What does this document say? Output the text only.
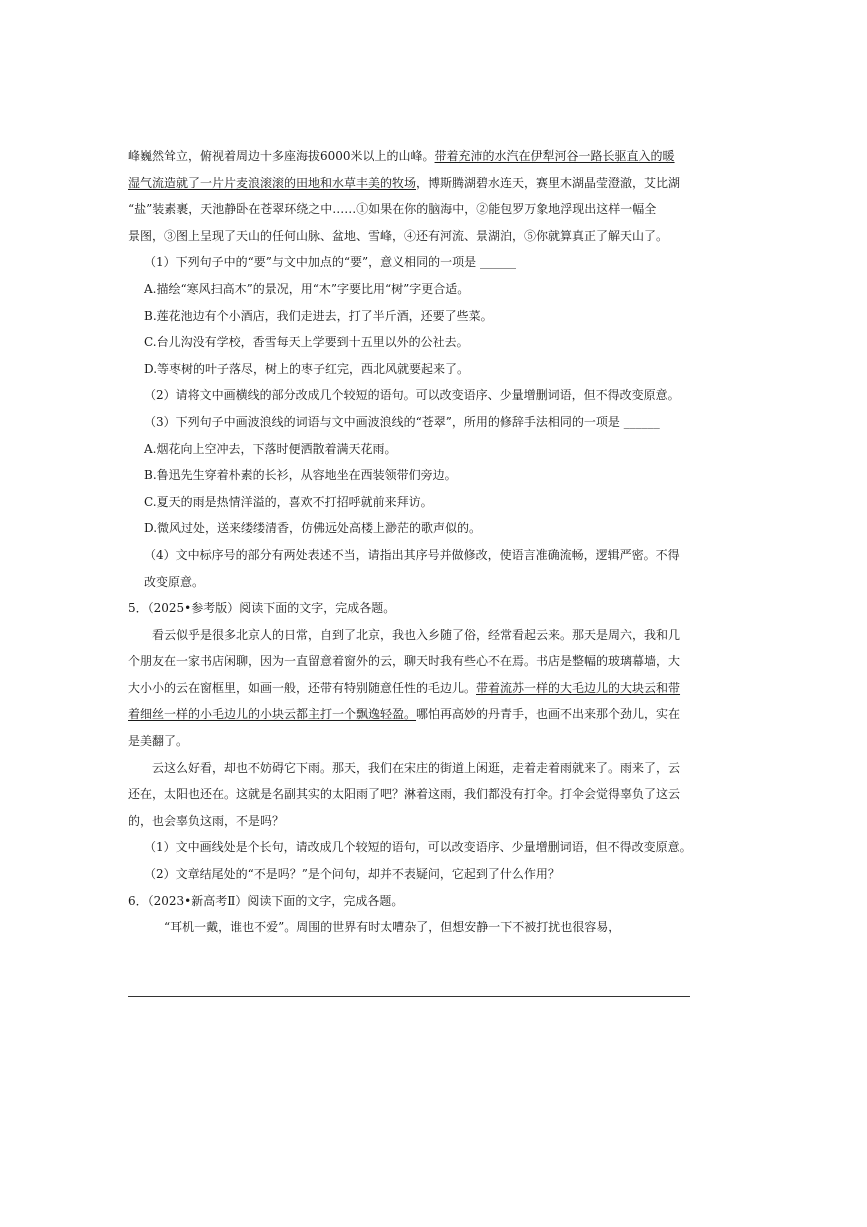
峰巍然耸立，俯视着周边十多座海拔6000米以上的山峰。带着充沛的水汽在伊犁河谷一路长驱直入的暖
湿气流造就了一片片麦浪滚滚的田地和水草丰美的牧场，博斯腾湖碧水连天，赛里木湖晶莹澄澈，艾比湖
“盐”装素裹，天池静卧在苍翠环绕之中……①如果在你的脑海中，②能包罗万象地浮现出这样一幅全
景图，③图上呈现了天山的任何山脉、盆地、雪峰，④还有河流、景湖泊，⑤你就算真正了解天山了。
（1）下列句子中的“要”与文中加点的“要”，意义相同的一项是 ______
A.描绘“寒风扫高木”的景况，用“木”字要比用“树”字更合适。
B.莲花池边有个小酒店，我们走进去，打了半斤酒，还要了些菜。
C.台儿沟没有学校，香雪每天上学要到十五里以外的公社去。
D.等枣树的叶子落尽，树上的枣子红完，西北风就要起来了。
（2）请将文中画横线的部分改成几个较短的语句。可以改变语序、少量增删词语，但不得改变原意。
（3）下列句子中画波浪线的词语与文中画波浪线的“苍翠”，所用的修辞手法相同的一项是 ______
A.烟花向上空冲去，下落时便洒散着满天花雨。
B.鲁迅先生穿着朴素的长衫，从容地坐在西装领带们旁边。
C.夏天的雨是热情洋溢的，喜欢不打招呼就前来拜访。
D.微风过处，送来缕缕清香，仿佛远处高楼上渺茫的歌声似的。
（4）文中标序号的部分有两处表述不当，请指出其序号并做修改，使语言准确流畅，逻辑严密。不得
改变原意。
5．（2025•参考版）阅读下面的文字，完成各题。
看云似乎是很多北京人的日常，自到了北京，我也入乡随了俗，经常看起云来。那天是周六，我和几
个朋友在一家书店闲聊，因为一直留意着窗外的云，聊天时我有些心不在焉。书店是整幅的玻璃幕墙，大
大小小的云在窗框里，如画一般，还带有特别随意任性的毛边儿。带着流苏一样的大毛边儿的大块云和带
着细丝一样的小毛边儿的小块云都主打一个飘逸轻盈。哪怕再高妙的丹青手，也画不出来那个劲儿，实在
是美翻了。
云这么好看，却也不妨碍它下雨。那天，我们在宋庄的街道上闲逛，走着走着雨就来了。雨来了，云
还在，太阳也还在。这就是名副其实的太阳雨了吧？淋着这雨，我们都没有打伞。打伞会觉得辜负了这云
的，也会辜负这雨，不是吗？
（1）文中画线处是个长句，请改成几个较短的语句，可以改变语序、少量增删词语，但不得改变原意。
（2）文章结尾处的“不是吗？”是个问句，却并不表疑问，它起到了什么作用？
6．（2023•新高考Ⅱ）阅读下面的文字，完成各题。
“耳机一戴，谁也不爱”。周围的世界有时太嘈杂了，但想安静一下不被打扰也很容易，
